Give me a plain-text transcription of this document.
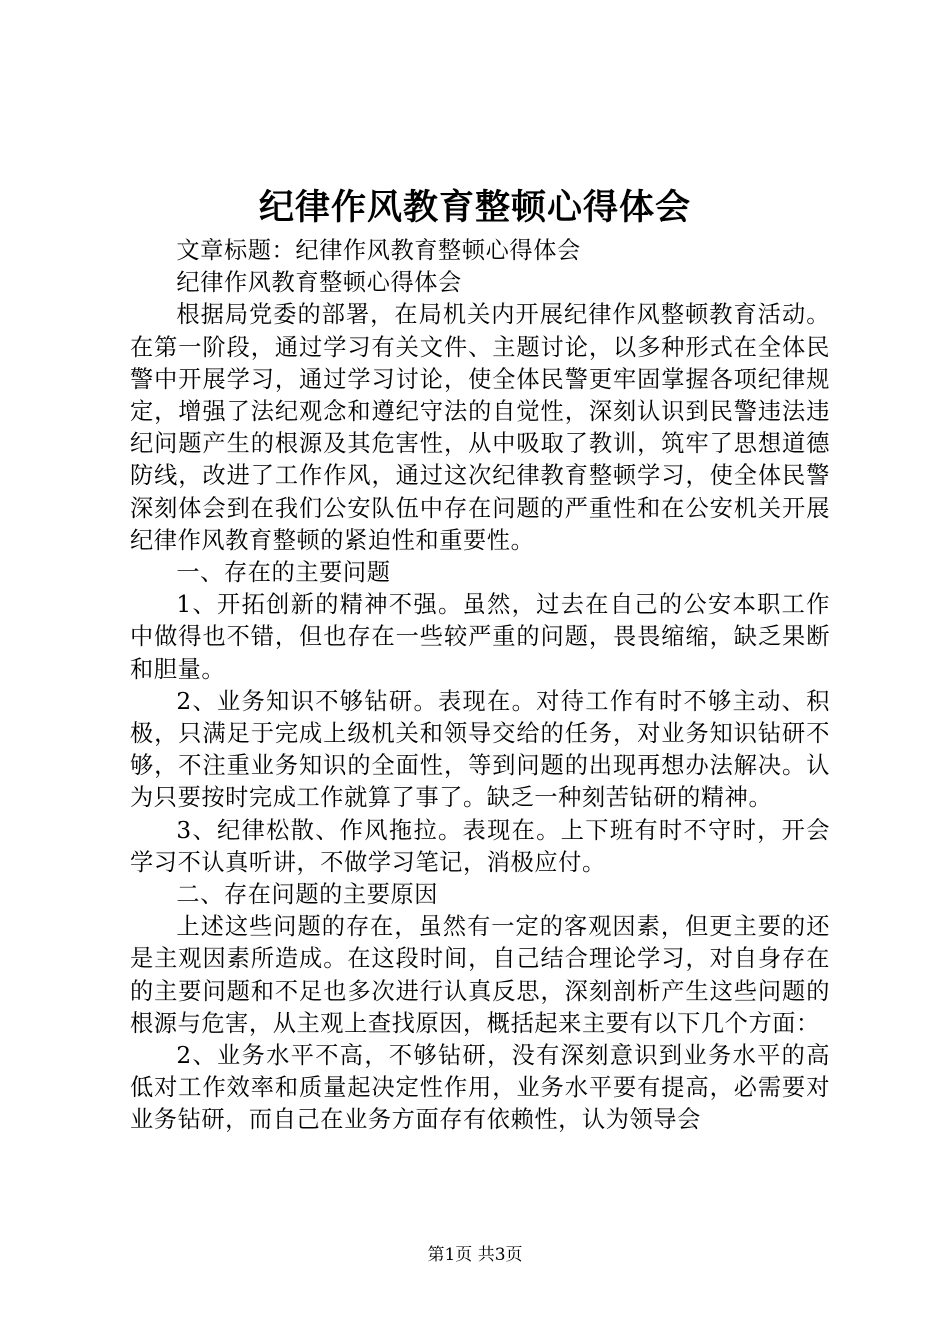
纪律作风教育整顿心得体会

文章标题：纪律作风教育整顿心得体会

纪律作风教育整顿心得体会

根据局党委的部署，在局机关内开展纪律作风整顿教育活动。在第一阶段，通过学习有关文件、主题讨论，以多种形式在全体民警中开展学习，通过学习讨论，使全体民警更牢固掌握各项纪律规定，增强了法纪观念和遵纪守法的自觉性，深刻认识到民警违法违纪问题产生的根源及其危害性，从中吸取了教训，筑牢了思想道德防线，改进了工作作风，通过这次纪律教育整顿学习，使全体民警深刻体会到在我们公安队伍中存在问题的严重性和在公安机关开展纪律作风教育整顿的紧迫性和重要性。

一、存在的主要问题

1、开拓创新的精神不强。虽然，过去在自己的公安本职工作中做得也不错，但也存在一些较严重的问题，畏畏缩缩，缺乏果断和胆量。

2、业务知识不够钻研。表现在。对待工作有时不够主动、积极，只满足于完成上级机关和领导交给的任务，对业务知识钻研不够，不注重业务知识的全面性，等到问题的出现再想办法解决。认为只要按时完成工作就算了事了。缺乏一种刻苦钻研的精神。

3、纪律松散、作风拖拉。表现在。上下班有时不守时，开会学习不认真听讲，不做学习笔记，消极应付。

二、存在问题的主要原因

上述这些问题的存在，虽然有一定的客观因素，但更主要的还是主观因素所造成。在这段时间，自己结合理论学习，对自身存在的主要问题和不足也多次进行认真反思，深刻剖析产生这些问题的根源与危害，从主观上查找原因，概括起来主要有以下几个方面：

2、业务水平不高，不够钻研，没有深刻意识到业务水平的高低对工作效率和质量起决定性作用，业务水平要有提高，必需要对业务钻研，而自己在业务方面存有依赖性，认为领导会

第1页 共3页
